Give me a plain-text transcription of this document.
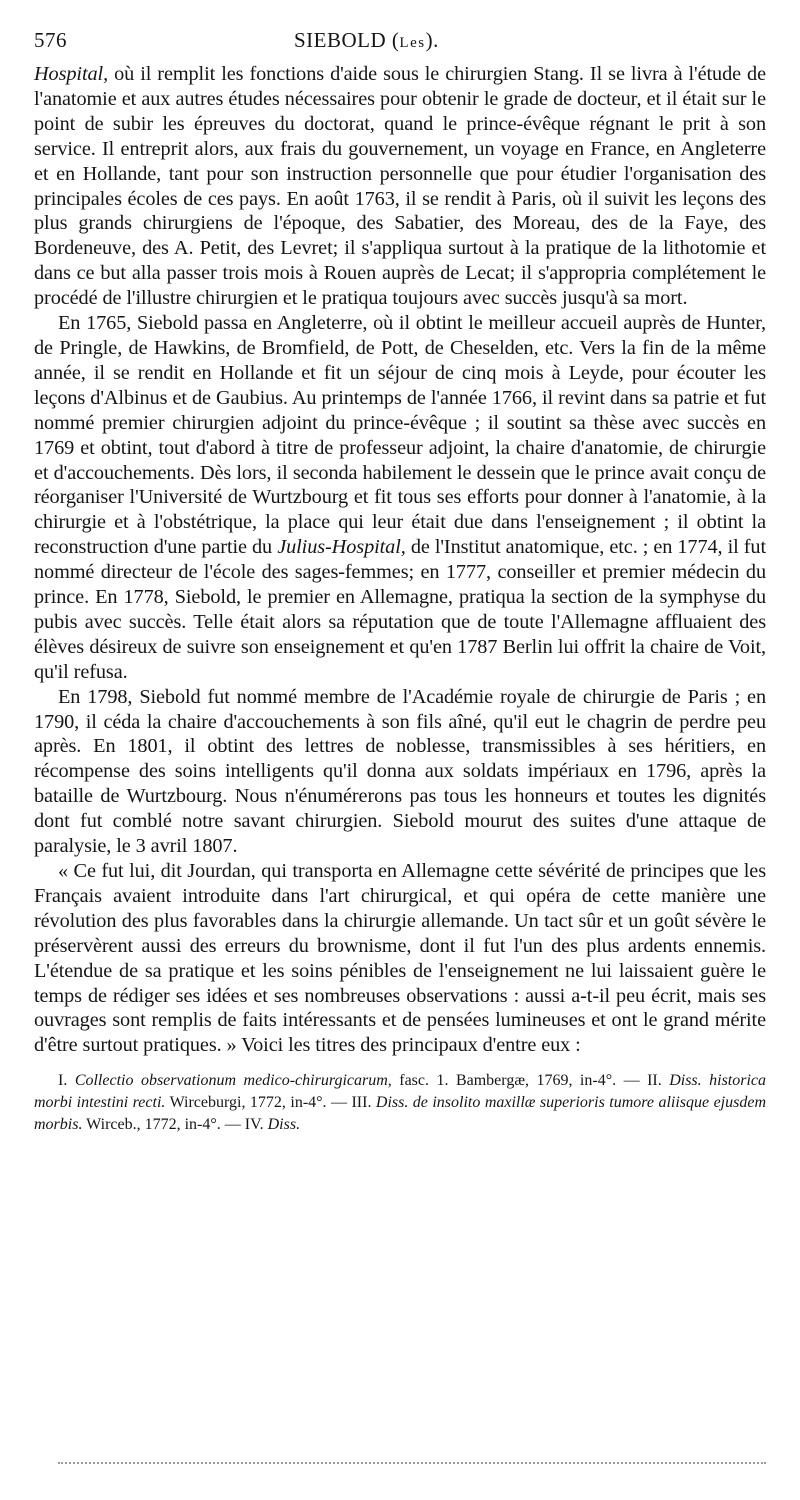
576	SIEBOLD (Les).

Hospital, où il remplit les fonctions d'aide sous le chirurgien Stang. Il se livra à l'étude de l'anatomie et aux autres études nécessaires pour obtenir le grade de docteur, et il était sur le point de subir les épreuves du doctorat, quand le prince-évêque régnant le prit à son service. Il entreprit alors, aux frais du gouvernement, un voyage en France, en Angleterre et en Hollande, tant pour son instruction personnelle que pour étudier l'organisation des principales écoles de ces pays. En août 1763, il se rendit à Paris, où il suivit les leçons des plus grands chirurgiens de l'époque, des Sabatier, des Moreau, des de la Faye, des Bordeneuve, des A. Petit, des Levret; il s'appliqua surtout à la pratique de la lithotomie et dans ce but alla passer trois mois à Rouen auprès de Lecat; il s'appropria complétement le procédé de l'illustre chirurgien et le pratiqua toujours avec succès jusqu'à sa mort.

En 1765, Siebold passa en Angleterre, où il obtint le meilleur accueil auprès de Hunter, de Pringle, de Hawkins, de Bromfield, de Pott, de Cheselden, etc. Vers la fin de la même année, il se rendit en Hollande et fit un séjour de cinq mois à Leyde, pour écouter les leçons d'Albinus et de Gaubius. Au printemps de l'année 1766, il revint dans sa patrie et fut nommé premier chirurgien adjoint du prince-évêque ; il soutint sa thèse avec succès en 1769 et obtint, tout d'abord à titre de professeur adjoint, la chaire d'anatomie, de chirurgie et d'accouchements. Dès lors, il seconda habilement le dessein que le prince avait conçu de réorganiser l'Université de Wurtzbourg et fit tous ses efforts pour donner à l'anatomie, à la chirurgie et à l'obstétrique, la place qui leur était due dans l'enseignement ; il obtint la reconstruction d'une partie du Julius-Hospital, de l'Institut anatomique, etc. ; en 1774, il fut nommé directeur de l'école des sages-femmes; en 1777, conseiller et premier médecin du prince. En 1778, Siebold, le premier en Allemagne, pratiqua la section de la symphyse du pubis avec succès. Telle était alors sa réputation que de toute l'Allemagne affluaient des élèves désireux de suivre son enseignement et qu'en 1787 Berlin lui offrit la chaire de Voit, qu'il refusa.

En 1798, Siebold fut nommé membre de l'Académie royale de chirurgie de Paris ; en 1790, il céda la chaire d'accouchements à son fils aîné, qu'il eut le chagrin de perdre peu après. En 1801, il obtint des lettres de noblesse, transmissibles à ses héritiers, en récompense des soins intelligents qu'il donna aux soldats impériaux en 1796, après la bataille de Wurtzbourg. Nous n'énumérerons pas tous les honneurs et toutes les dignités dont fut comblé notre savant chirurgien. Siebold mourut des suites d'une attaque de paralysie, le 3 avril 1807.

« Ce fut lui, dit Jourdan, qui transporta en Allemagne cette sévérité de principes que les Français avaient introduite dans l'art chirurgical, et qui opéra de cette manière une révolution des plus favorables dans la chirurgie allemande. Un tact sûr et un goût sévère le préservèrent aussi des erreurs du brownisme, dont il fut l'un des plus ardents ennemis. L'étendue de sa pratique et les soins pénibles de l'enseignement ne lui laissaient guère le temps de rédiger ses idées et ses nombreuses observations : aussi a-t-il peu écrit, mais ses ouvrages sont remplis de faits intéressants et de pensées lumineuses et ont le grand mérite d'être surtout pratiques. » Voici les titres des principaux d'entre eux :

I. Collectio observationum medico-chirurgicarum, fasc. 1. Bambergæ, 1769, in-4°. — II. Diss. historica morbi intestini recti. Wirceburgi, 1772, in-4°. — III. Diss. de insolito maxillæ superioris tumore aliisque ejusdem morbis. Wirceb., 1772, in-4°. — IV. Diss.
